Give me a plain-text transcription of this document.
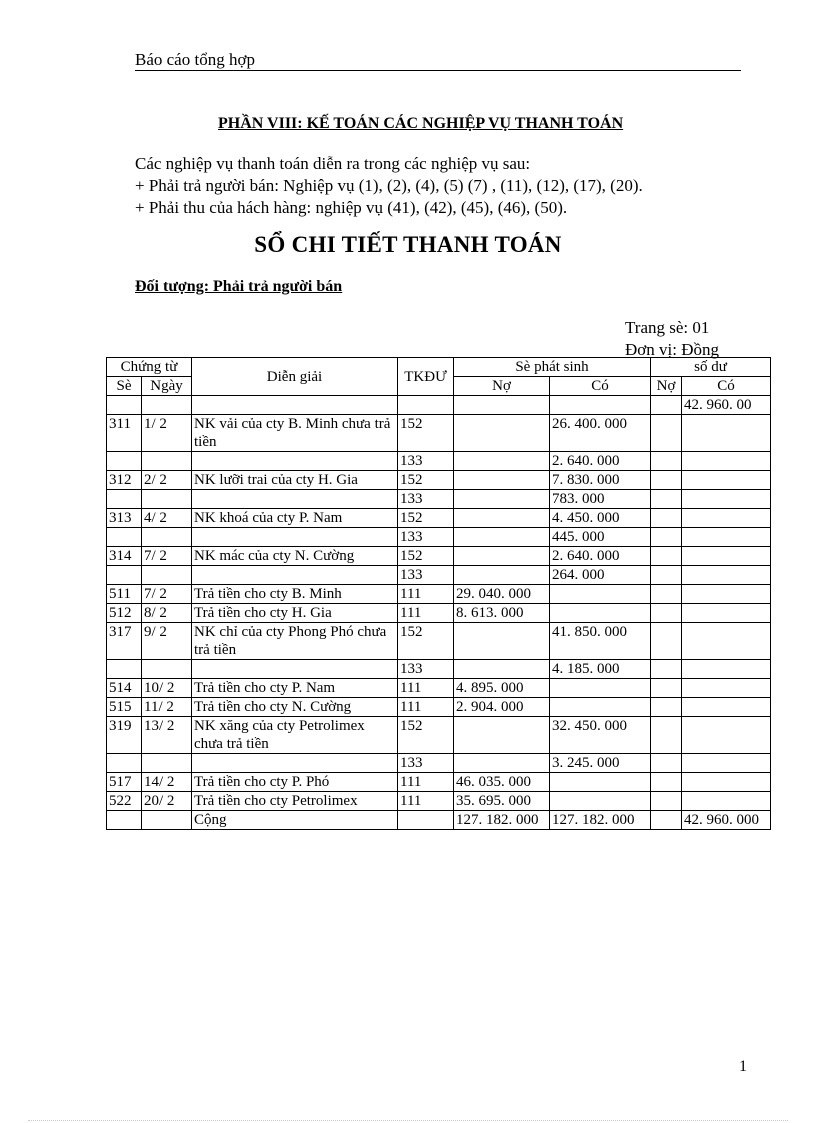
Báo cáo tổng hợp
PHẦN VIII: KẾ TOÁN CÁC NGHIỆP VỤ THANH TOÁN
Các nghiệp vụ thanh toán diễn ra trong các nghiệp vụ sau:
+ Phải trả người bán: Nghiệp vụ (1), (2), (4), (5) (7) , (11), (12), (17), (20).
+ Phải thu của hách hàng: nghiệp vụ (41), (42), (45), (46), (50).
SỔ CHI TIẾT THANH TOÁN
Đối tượng: Phải trả người bán
Trang sè: 01
Đơn vị: Đồng
Chứng từ		Diễn giải	TKĐƯ	Sè phát sinh		số dư	
Sè	Ngày			Nợ	Có	Nợ	Có
							42. 960. 00
311	1/ 2	NK vải của cty B. Minh chưa trả tiền	152		26. 400. 000		
			133		2. 640. 000		
312	2/ 2	NK lưỡi trai của cty H. Gia	152		7. 830. 000		
			133		783. 000		
313	4/ 2	NK khoá của cty P. Nam	152		4. 450. 000		
			133		445. 000		
314	7/ 2	NK mác của cty N. Cường	152		2. 640. 000		
			133		264. 000		
511	7/ 2	Trả tiền cho cty B. Minh	111	29. 040. 000			
512	8/ 2	Trả tiền cho cty H. Gia	111	8. 613. 000			
317	9/ 2	NK chỉ của cty Phong Phó chưa trả tiền	152		41. 850. 000		
			133		4. 185. 000		
514	10/ 2	Trả tiền cho cty P. Nam	111	4. 895. 000			
515	11/ 2	Trả tiền cho cty N. Cường	111	2. 904. 000			
319	13/ 2	NK xăng của cty Petrolimex chưa trả tiền	152		32. 450. 000		
			133		3. 245. 000		
517	14/ 2	Trả tiền cho cty P. Phó	111	46. 035. 000			
522	20/ 2	Trả tiền cho cty Petrolimex	111	35. 695. 000			
		Cộng		127. 182. 000	127. 182. 000		42. 960. 000
1
